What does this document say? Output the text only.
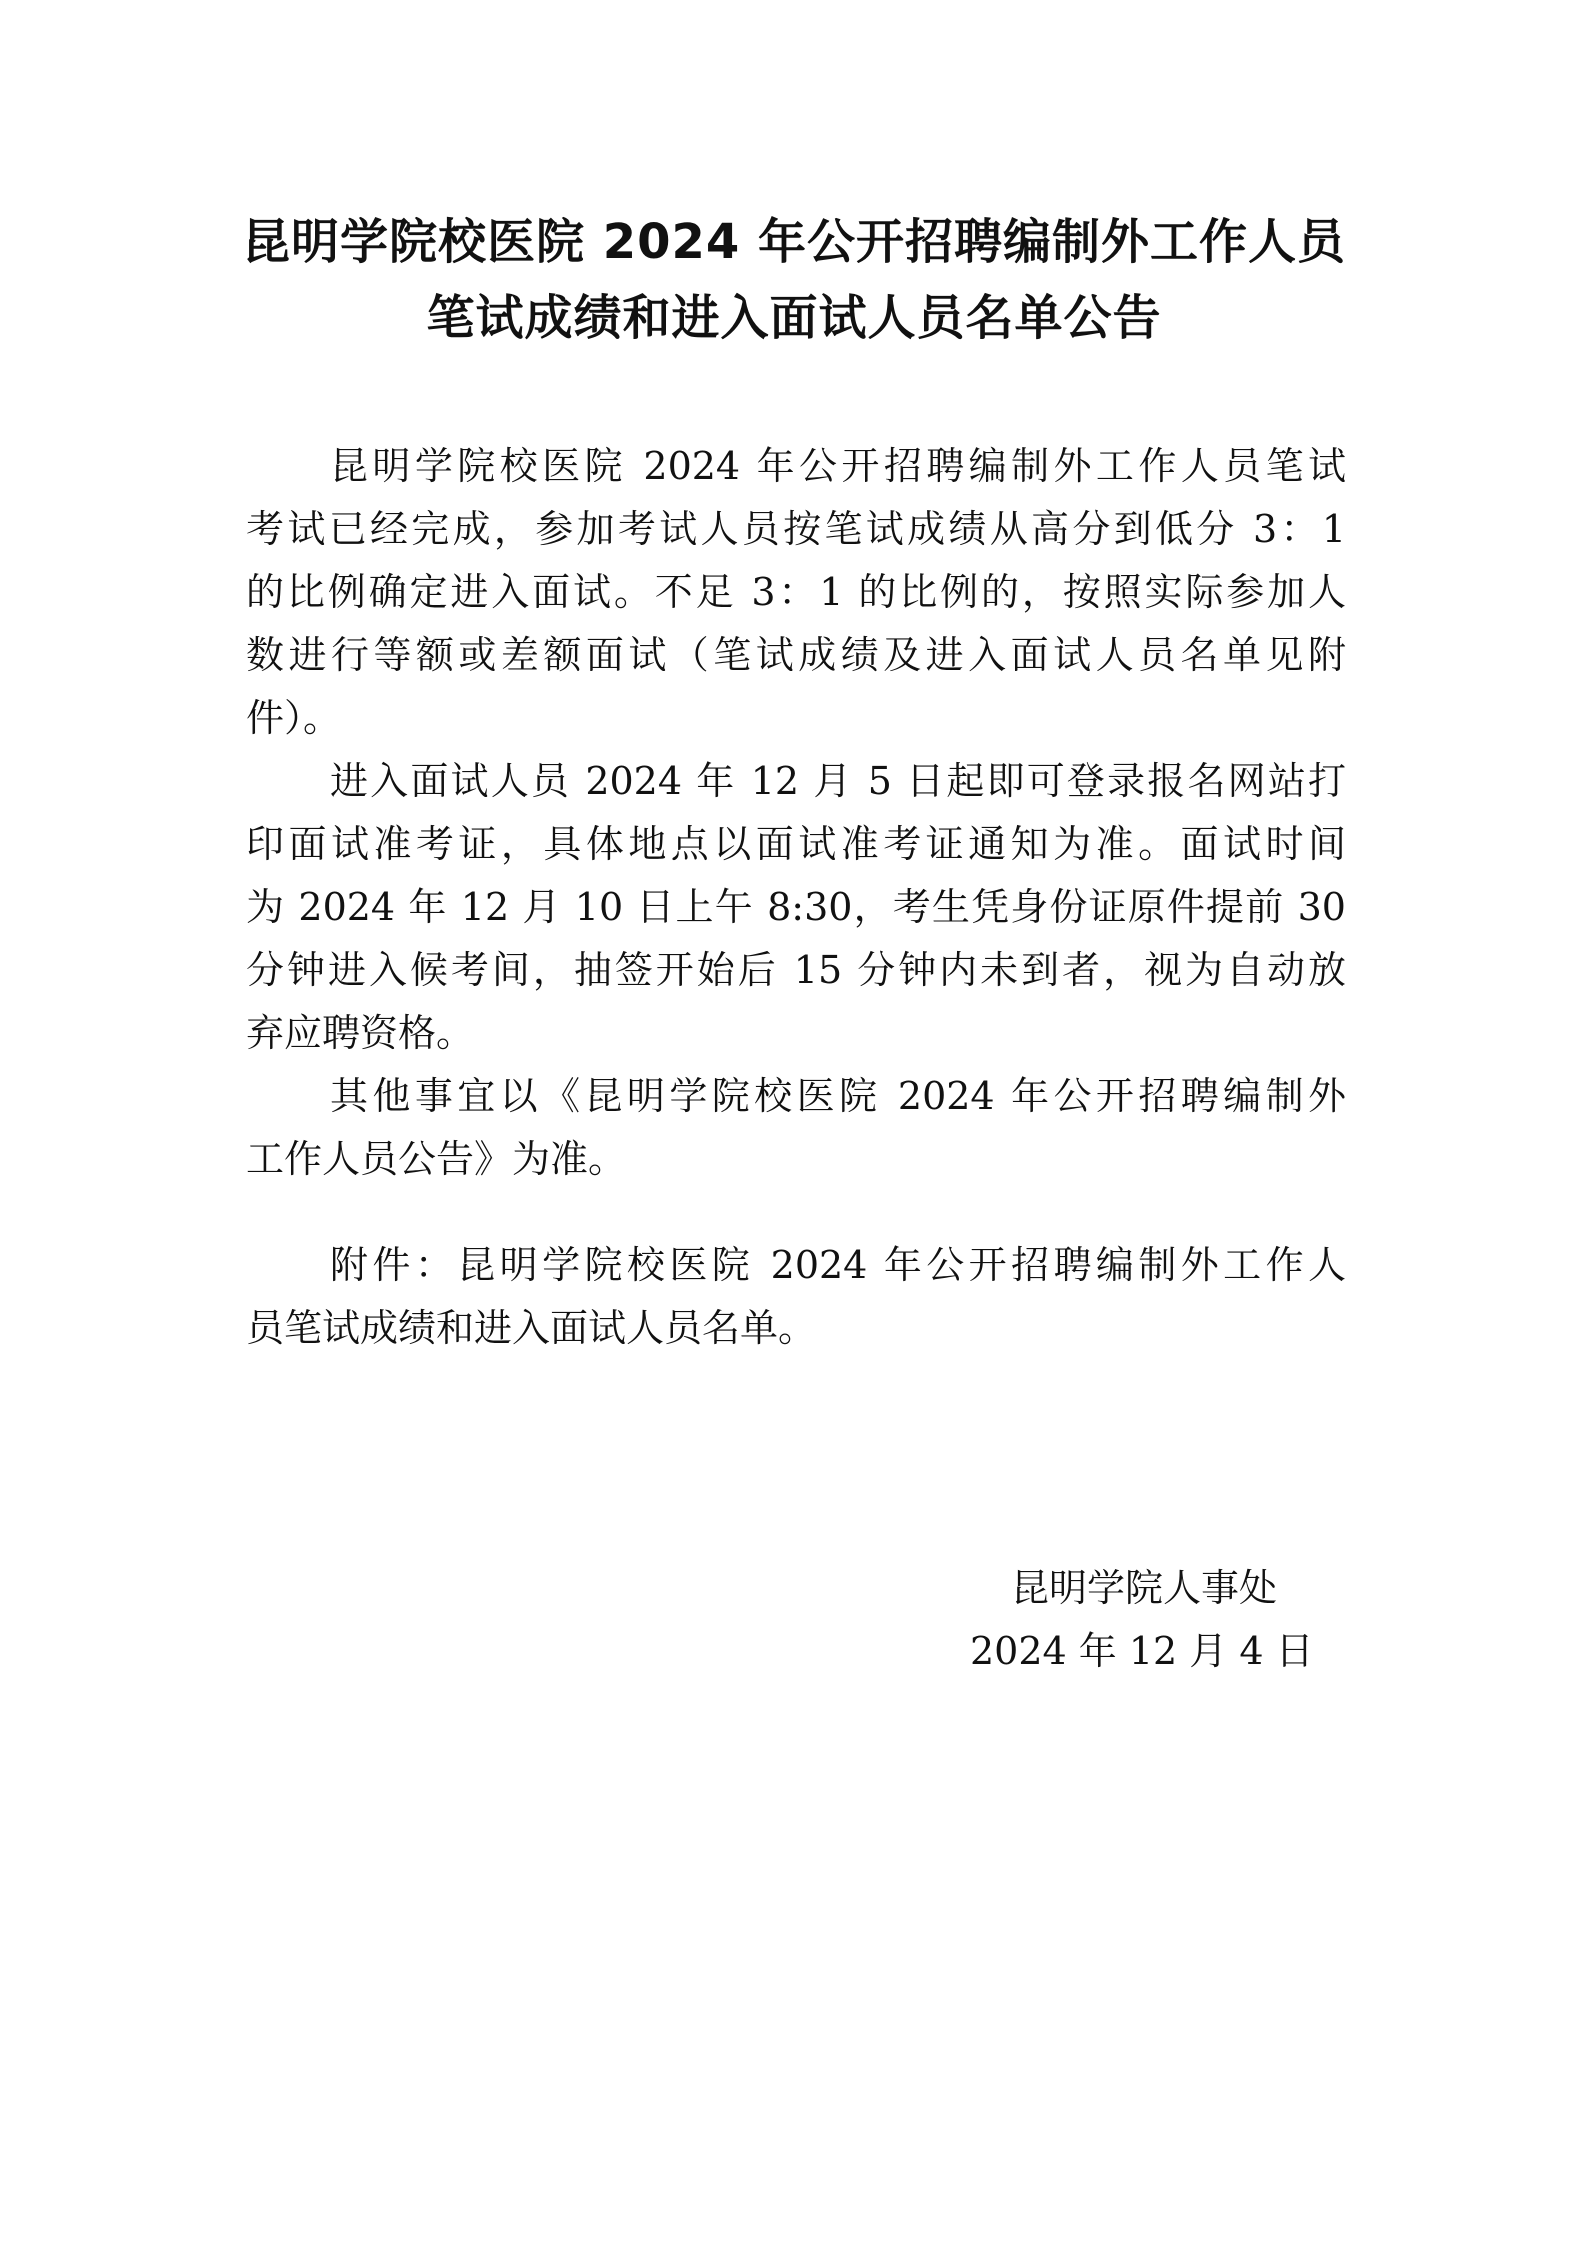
昆明学院校医院 2024 年公开招聘编制外工作人员
笔试成绩和进入面试人员名单公告
昆明学院校医院 2024 年公开招聘编制外工作人员笔试
考试已经完成，参加考试人员按笔试成绩从高分到低分 3：1
的比例确定进入面试。不足 3：1 的比例的，按照实际参加人
数进行等额或差额面试（笔试成绩及进入面试人员名单见附
件）。
进入面试人员 2024 年 12 月 5 日起即可登录报名网站打
印面试准考证，具体地点以面试准考证通知为准。面试时间
为 2024 年 12 月 10 日上午 8:30，考生凭身份证原件提前 30
分钟进入候考间，抽签开始后 15 分钟内未到者，视为自动放
弃应聘资格。
其他事宜以《昆明学院校医院 2024 年公开招聘编制外
工作人员公告》为准。
附件：昆明学院校医院 2024 年公开招聘编制外工作人
员笔试成绩和进入面试人员名单。
昆明学院人事处
2024 年 12 月 4 日
